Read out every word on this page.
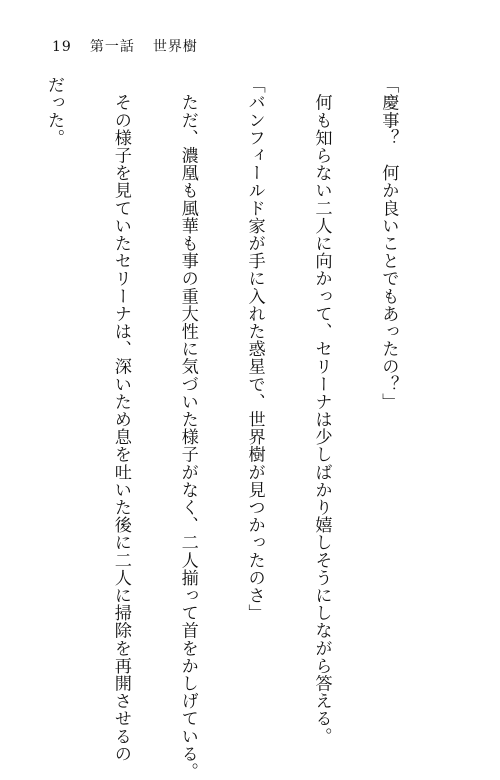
19 第一話 世界樹

「慶事？　何か良いことでもあったの？」

　何も知らない二人に向かって、セリーナは少しばかり嬉しそうにしながら答える。

「バンフィールド家が手に入れた惑星で、世界樹が見つかったのさ」

　ただ、濃凰も風華も事の重大性に気づいた様子がなく、二人揃って首をかしげている。

　その様子を見ていたセリーナは、深いため息を吐いた後に二人に掃除を再開させるの

だった。
